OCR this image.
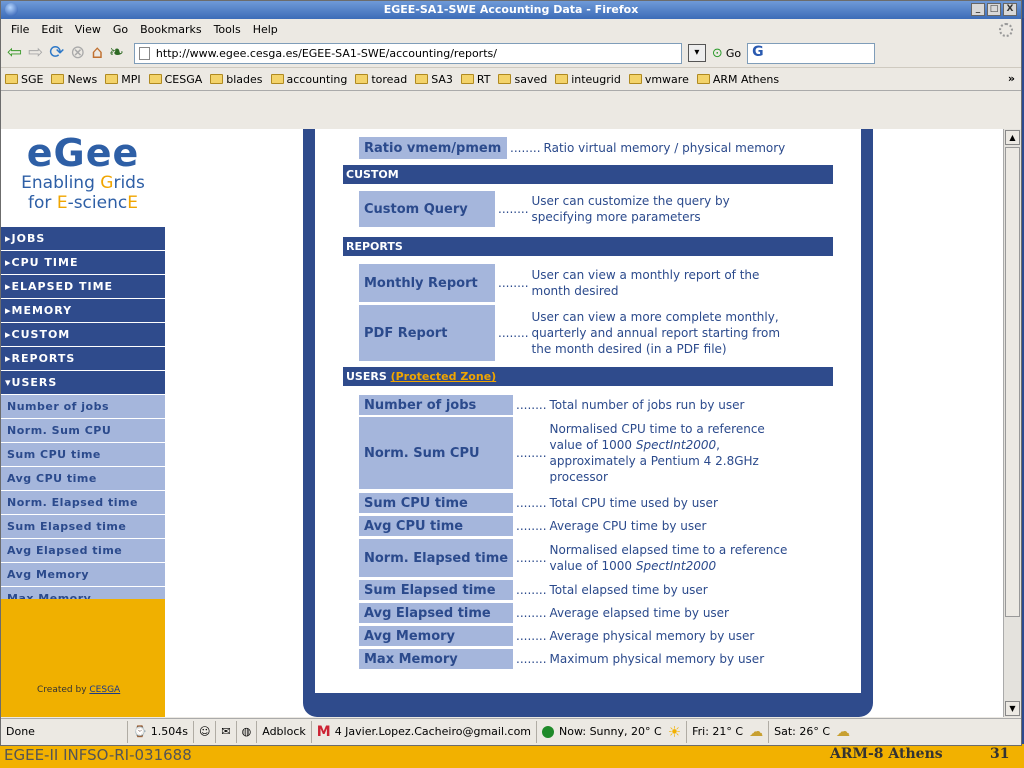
EGEE-II INFSO-RI-031688	ARM-8 Athens	31
EGEE-SA1-SWE Accounting Data - Firefox	_	□ X
File	Edit	View	Go	Bookmarks	Tools	Help
⇦ ⇨ ⟳ ⊗ ⌂ ❧	http://www.egee.cesga.es/EGEE-SA1-SWE/accounting/reports/	▾ ⊙ Go G
SGE News MPI CESGA blades accounting toread SA3 RT saved inteugrid vmware ARM Athens	»
eGee
Enabling Grids
for E-sciencE
▸JOBS
▸CPU TIME
▸ELAPSED TIME
▸MEMORY
▸CUSTOM
▸REPORTS
▾USERS
Number of jobs
Norm. Sum CPU
Sum CPU time
Avg CPU time
Norm. Elapsed time
Sum Elapsed time
Avg Elapsed time
Avg Memory
Created by CESGA
Ratio vmem/pmem ........ Ratio virtual memory / physical memory
CUSTOM
Custom Query	........
User can customize the query by
specifying more parameters
REPORTS
Monthly Report	........
User can view a monthly report of the
month desired
PDF Report	........
User can view a more complete monthly,
quarterly and annual report starting from
the month desired (in a PDF file)
USERS (Protected Zone)
Number of jobs	........ Total number of jobs run by user
Norm. Sum CPU	........
Normalised CPU time to a reference
value of 1000 SpectInt2000,
approximately a Pentium 4 2.8GHz
processor
Sum CPU time	........ Total CPU time used by user
Avg CPU time	........ Average CPU time by user
Norm. Elapsed time ........
Normalised elapsed time to a reference
value of 1000 SpectInt2000
Sum Elapsed time	........ Total elapsed time by user
Avg Elapsed time	........ Average elapsed time by user
Avg Memory	........ Average physical memory by user
Max Memory	........ Maximum physical memory by user
▲
▼
Done	⌚ 1.504s	☺	✉	◍	Adblock M 4 Javier.Lopez.Cacheiro@gmail.com	Now: Sunny, 20° C ☀ Fri: 21° C ☁ Sat: 26° C ☁
